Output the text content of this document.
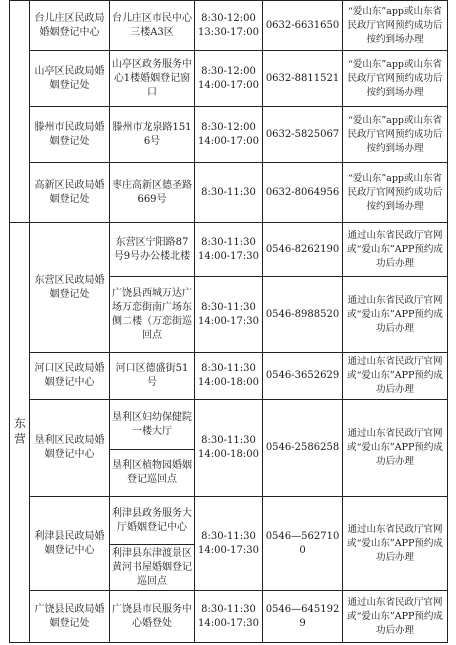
	台儿庄区民政局婚姻登记中心	台儿庄区市民中心三楼A3区	8:30-12:00
13:30-17:00	0632-6631650	“爱山东”app或山东省民政厅官网预约成功后按约到场办理

	山亭区民政局婚姻登记处	山亭区政务服务中心1楼婚姻登记窗口	8:30-12:00
14:00-17:00	0632-8811521	“爱山东”app或山东省民政厅官网预约成功后按约到场办理

	滕州市民政局婚姻登记处	滕州市龙泉路1516号	8:30-12:00
14:00-17:00	0632-5825067	“爱山东”app或山东省民政厅官网预约成功后按约到场办理

	高新区民政局婚姻登记处	枣庄高新区德圣路669号	8:30-11:30	0632-8064956	“爱山东”app或山东省民政厅官网预约成功后按约到场办理

东营	东营区民政局婚姻登记处	东营区宁阳路87号9号办公楼北楼	8:30-11:30
14:00-17:30	0546-8262190	通过山东省民政厅官网或“爱山东”APP预约成功后办理

		广饶县西城万达广场万恋街南广场东侧二楼（万恋街巡回点	8:30-11:30
14:00-17:30	0546-8988520	通过山东省民政厅官网或“爱山东”APP预约成功后办理

	河口区民政局婚姻登记中心	河口区德盛街51号	8:30-11:30
14:00-18:00	0546-3652629	通过山东省民政厅官网或“爱山东”APP预约成功后办理

	垦利区民政局婚姻登记中心	垦利区妇幼保健院一楼大厅	8:30-11:30
14:00-18:00	0546-2586258	通过山东省民政厅官网或“爱山东”APP预约成功后办理

		垦利区植物园婚姻登记巡回点			

	利津县民政局婚姻登记中心	利津县政务服务大厅婚姻登记中心	8:30-11:30
14:00-17:30	0546—5627100	通过山东省民政厅官网或“爱山东”APP预约成功后办理

		利津县东津渡景区黄河书屋婚姻登记巡回点			

	广饶县民政局婚姻登记处	广饶县市民服务中心婚登处	8:30-11:30
14:00-17:30	0546—6451929	通过山东省民政厅官网或“爱山东”APP预约成功后办理
